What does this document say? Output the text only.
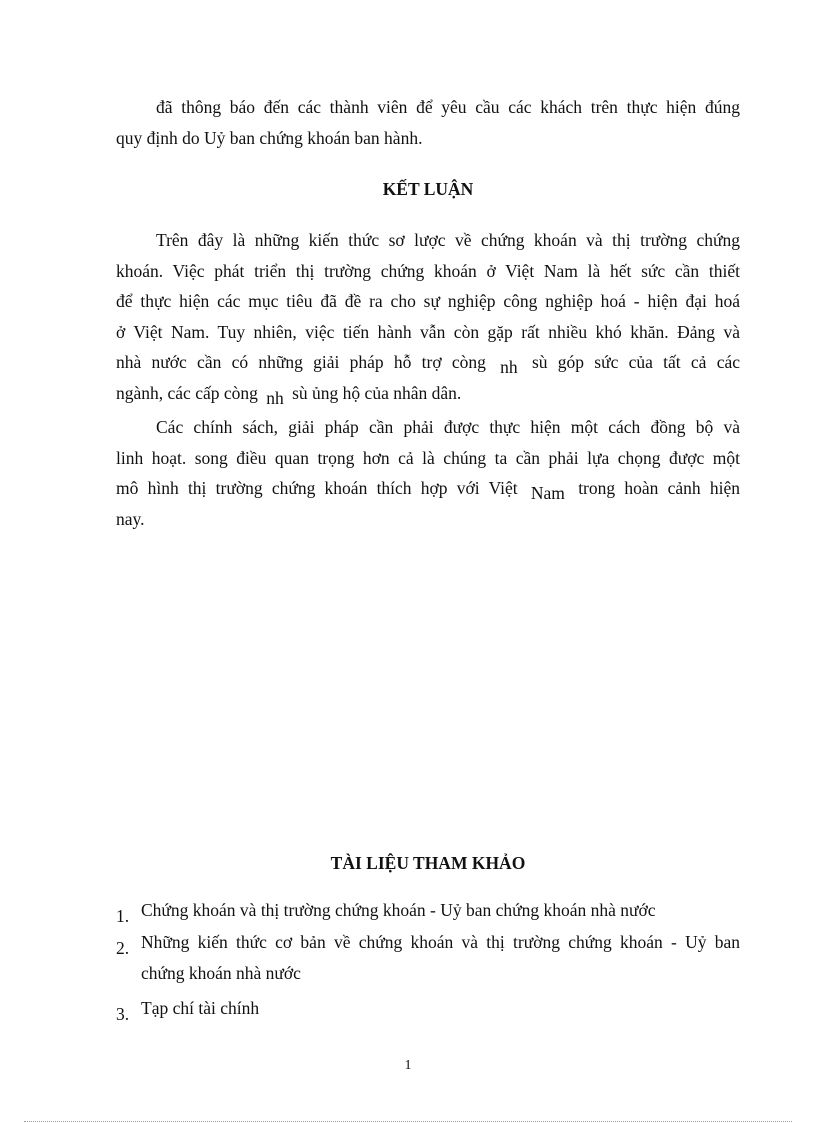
đã thông báo đến các thành viên để yêu cầu các khách trên thực hiện đúng
quy định do Uỷ ban chứng khoán ban hành.
KẾT LUẬN
Trên đây là những kiến thức sơ lược về chứng khoán và thị trường chứng
khoán. Việc phát triển thị trường chứng khoán ở Việt Nam là hết sức cần thiết
để thực hiện các mục tiêu đã đề ra cho sự nghiệp công nghiệp hoá - hiện đại hoá
ở Việt Nam. Tuy nhiên, việc tiến hành vẫn còn gặp rất nhiều khó khăn. Đảng và
nhà nước cần có những giải pháp hỗ trợ còng nh sù góp sức của tất cả các
ngành, các cấp còng nh sù ủng hộ của nhân dân.
Các chính sách, giải pháp cần phải được thực hiện một cách đồng bộ và
linh hoạt. song điều quan trọng hơn cả là chúng ta cần phải lựa chọng được một
mô hình thị trường chứng khoán thích hợp với Việt Nam trong hoàn cảnh hiện
nay.
TÀI LIỆU THAM KHẢO
1. Chứng khoán và thị trường chứng khoán - Uỷ ban chứng khoán nhà nước
2. Những kiến thức cơ bản về chứng khoán và thị trường chứng khoán - Uỷ ban
chứng khoán nhà nước
3. Tạp chí tài chính
1
